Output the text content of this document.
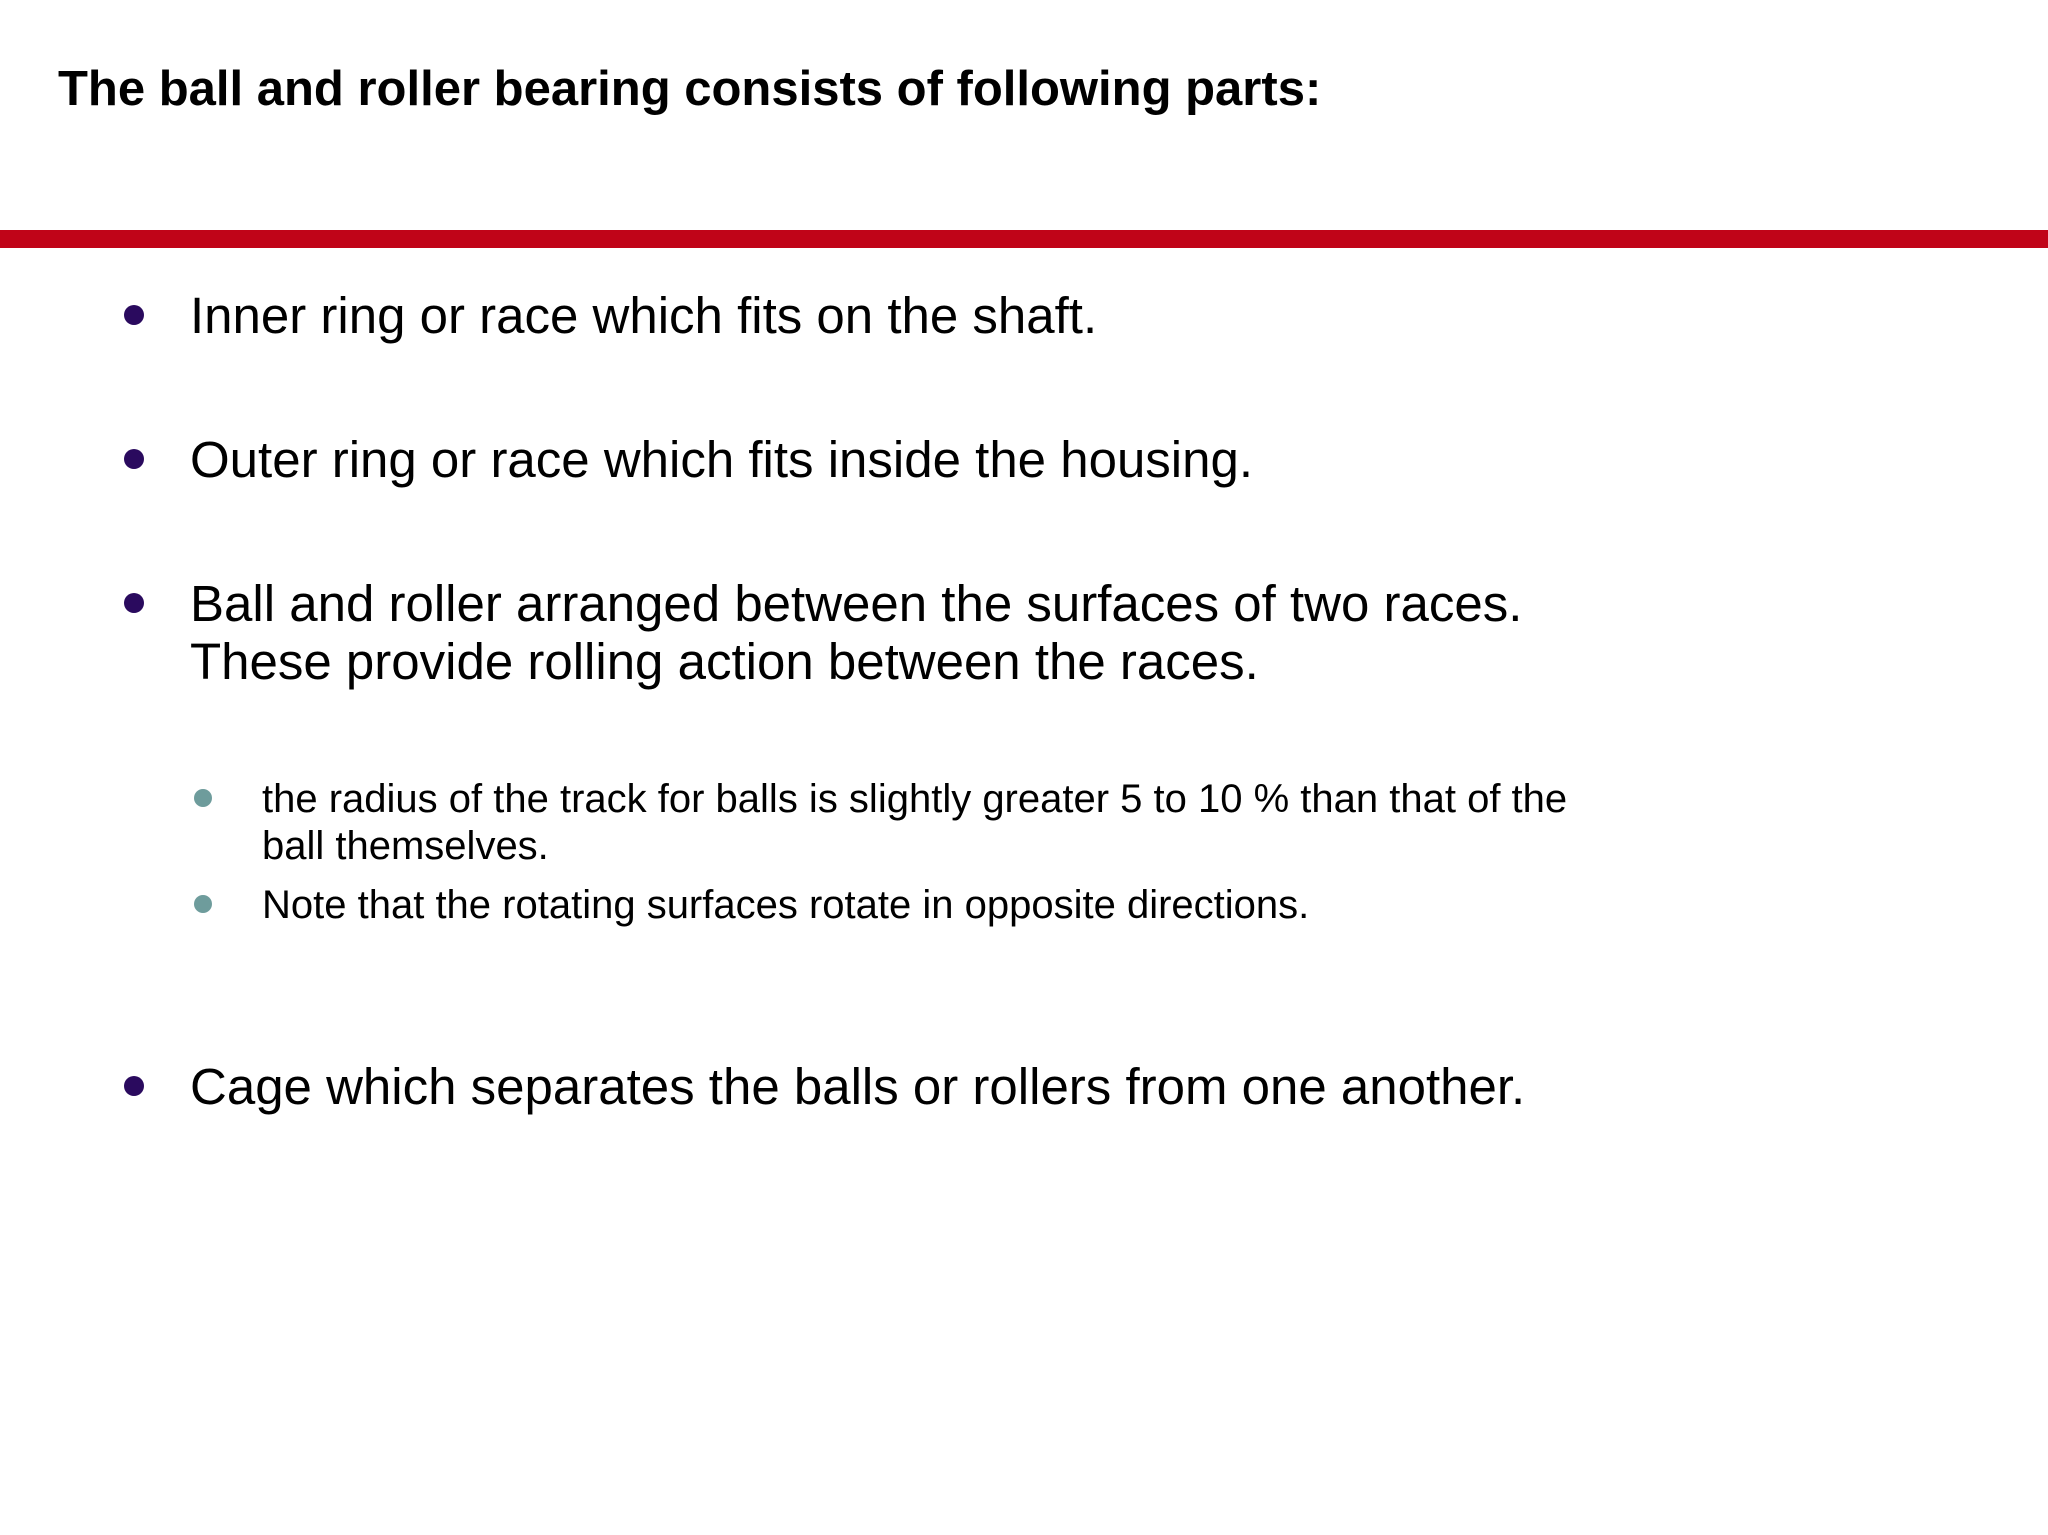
The ball and roller bearing consists of following parts:
Inner ring or race which fits on the shaft.
Outer ring or race which fits inside the housing.
Ball and roller arranged between the surfaces of two races.
These provide rolling action between the races.
the radius of the track for balls is slightly greater 5 to 10 % than that of the
ball themselves.
Note that the rotating surfaces rotate in opposite directions.
Cage which separates the balls or rollers from one another.
